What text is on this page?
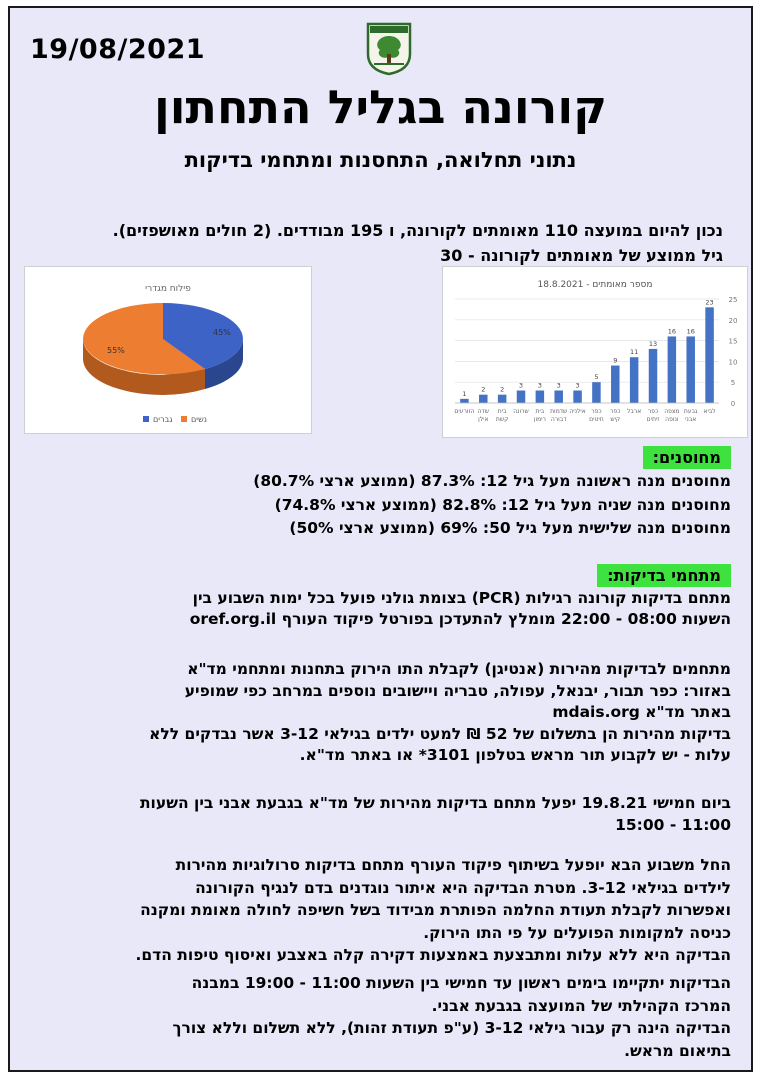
19/08/2021
קורונה בגליל התחתון
נתוני תחלואה, התחסנות ומתחמי בדיקות
נכון להיום במועצה 110 מאומתים לקורונה, ו 195 מבודדים. (2 חולים מאושפזים).
גיל ממוצע של מאומתים לקורונה - 30
פילוח מגדרי
55%
45%
גברים נשים
מספר מאומתים - 18.8.2021
0
5
10
15
20
25
23
לביא
16
גבעת
אבני
16
מצפה
ונופה
13
כפר
זיתים
11
ארבל
9
כפר
קיש
5
כפר
חיטים
3
אילניה
3
שדמות
דבורה
3
בית
רימון
3
שרונה
2
בית
קשת
2
שדה
אילן
1
הזורעים
מחוסנים:
מחוסנים מנה ראשונה מעל גיל 12: 87.3% (ממוצע ארצי 80.7%)
מחוסנים מנה שניה מעל גיל 12: 82.8% (ממוצע ארצי 74.8%)
מחוסנים מנה שלישית מעל גיל 50: 69% (ממוצע ארצי 50%)
מתחמי בדיקות:
מתחם בדיקות קורונה רגילות (PCR) בצומת גולני פועל בכל ימות השבוע בין
השעות 08:00 - 22:00 מומלץ להתעדכן בפורטל פיקוד העורף oref.org.il
מתחמים לבדיקות מהירות (אנטיגן) לקבלת התו הירוק בתחנות ומתחמי מד"א
באזור: כפר תבור, יבנאל, עפולה, טבריה ויישובים נוספים במרחב כפי שמופיע
באתר מד"א mdais.org
בדיקות מהירות הן בתשלום של 52 ₪ למעט ילדים בגילאי 3-12 אשר נבדקים ללא
עלות - יש לקבוע תור מראש בטלפון 3101* או באתר מד"א.
ביום חמישי 19.8.21 יפעל מתחם בדיקות מהירות של מד"א בגבעת אבני בין השעות
11:00 - 15:00
החל משבוע הבא יופעל בשיתוף פיקוד העורף מתחם בדיקות סרולוגיות מהירות
לילדים בגילאי 3-12. מטרת הבדיקה היא איתור נוגדנים בדם לנגיף הקורונה
ואפשרות לקבלת תעודת החלמה הפותרת מבידוד בשל חשיפה לחולה מאומת ומקנה
כניסה למקומות הפועלים על פי התו הירוק.
הבדיקה היא ללא עלות ומתבצעת באמצעות דקירה קלה באצבע ואיסוף טיפות הדם.
הבדיקות יתקיימו בימים ראשון עד חמישי בין השעות 11:00 - 19:00 במבנה
המרכז הקהילתי של המועצה בגבעת אבני.
הבדיקה הינה רק עבור גילאי 3-12 (ע"פ תעודת זהות), ללא תשלום וללא צורך
בתיאום מראש.
